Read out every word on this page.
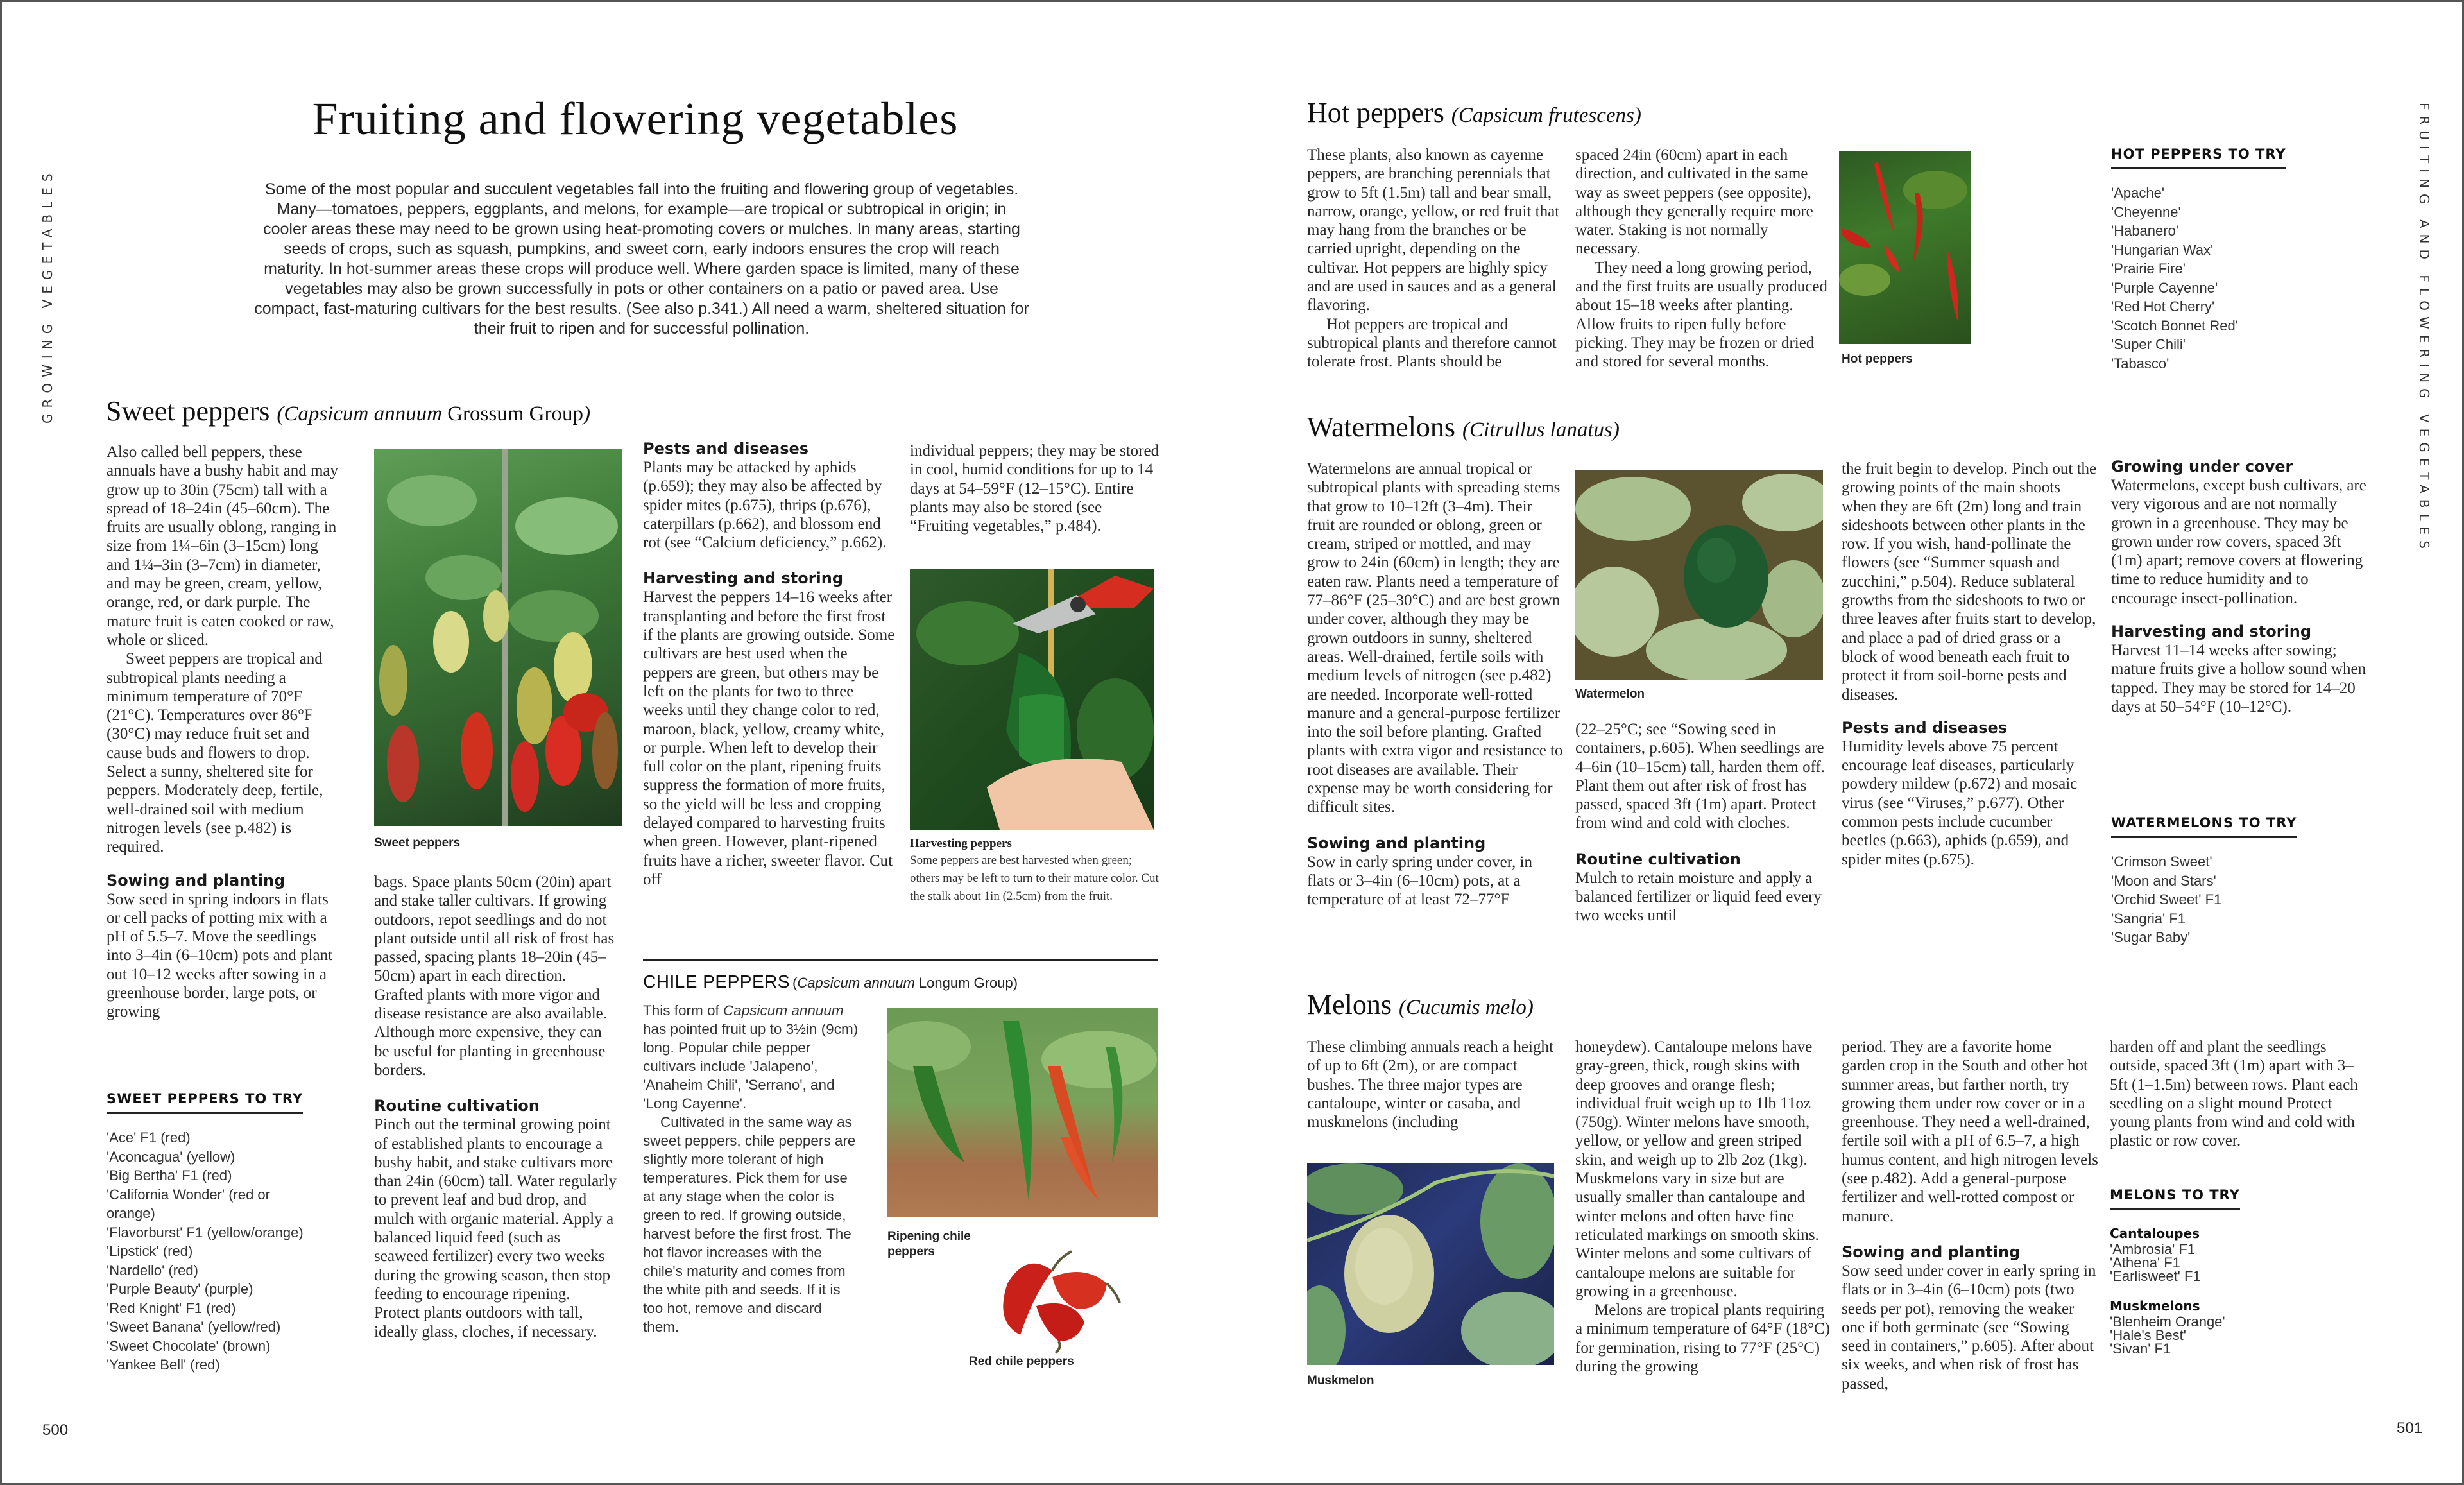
GROWING VEGETABLES
Fruiting and flowering vegetables

Some of the most popular and succulent vegetables fall into the fruiting and flowering group of vegetables. Many—tomatoes, peppers, eggplants, and melons, for example—are tropical or subtropical in origin; in cooler areas these may need to be grown using heat-promoting covers or mulches. In many areas, starting seeds of crops, such as squash, pumpkins, and sweet corn, early indoors ensures the crop will reach maturity. In hot-summer areas these crops will produce well. Where garden space is limited, many of these vegetables may also be grown successfully in pots or other containers on a patio or paved area. Use compact, fast-maturing cultivars for the best results. (See also p.341.) All need a warm, sheltered situation for their fruit to ripen and for successful pollination.

Sweet peppers (Capsicum annuum Grossum Group)

Also called bell peppers, these annuals have a bushy habit and may grow up to 30in (75cm) tall with a spread of 18–24in (45–60cm). The fruits are usually oblong, ranging in size from 1¼–6in (3–15cm) long and 1¼–3in (3–7cm) in diameter, and may be green, cream, yellow, orange, red, or dark purple. The mature fruit is eaten cooked or raw, whole or sliced.

Sweet peppers are tropical and subtropical plants needing a minimum temperature of 70°F (21°C). Temperatures over 86°F (30°C) may reduce fruit set and cause buds and flowers to drop. Select a sunny, sheltered site for peppers. Moderately deep, fertile, well-drained soil with medium nitrogen levels (see p.482) is required.

Sowing and planting

Sow seed in spring indoors in flats or cell packs of potting mix with a pH of 5.5–7. Move the seedlings into 3–4in (6–10cm) pots and plant out 10–12 weeks after sowing in a greenhouse border, large pots, or growing

SWEET PEPPERS TO TRY
'Ace' F1 (red)
'Aconcagua' (yellow)
'Big Bertha' F1 (red)
'California Wonder' (red or orange)
'Flavorburst' F1 (yellow/orange)
'Lipstick' (red)
'Nardello' (red)
'Purple Beauty' (purple)
'Red Knight' F1 (red)
'Sweet Banana' (yellow/red)
'Sweet Chocolate' (brown)
'Yankee Bell' (red)
Sweet peppers

bags. Space plants 50cm (20in) apart and stake taller cultivars. If growing outdoors, repot seedlings and do not plant outside until all risk of frost has passed, spacing plants 18–20in (45–50cm) apart in each direction. Grafted plants with more vigor and disease resistance are also available. Although more expensive, they can be useful for planting in greenhouse borders.

Routine cultivation

Pinch out the terminal growing point of established plants to encourage a bushy habit, and stake cultivars more than 24in (60cm) tall. Water regularly to prevent leaf and bud drop, and mulch with organic material. Apply a balanced liquid feed (such as seaweed fertilizer) every two weeks during the growing season, then stop feeding to encourage ripening. Protect plants outdoors with tall, ideally glass, cloches, if necessary.

Pests and diseases

Plants may be attacked by aphids (p.659); they may also be affected by spider mites (p.675), thrips (p.676), caterpillars (p.662), and blossom end rot (see “Calcium deficiency,” p.662).

Harvesting and storing

Harvest the peppers 14–16 weeks after transplanting and before the first frost if the plants are growing outside. Some cultivars are best used when the peppers are green, but others may be left on the plants for two to three weeks until they change color to red, maroon, black, yellow, creamy white, or purple. When left to develop their full color on the plant, ripening fruits suppress the formation of more fruits, so the yield will be less and cropping delayed compared to harvesting fruits when green. However, plant-ripened fruits have a richer, sweeter flavor. Cut off

individual peppers; they may be stored in cool, humid conditions for up to 14 days at 54–59°F (12–15°C). Entire plants may also be stored (see “Fruiting vegetables,” p.484).

Harvesting peppers
Some peppers are best harvested when green; others may be left to turn to their mature color. Cut the stalk about 1in (2.5cm) from the fruit.
CHILE PEPPERS (Capsicum annuum Longum Group)

This form of Capsicum annuum has pointed fruit up to 3½in (9cm) long. Popular chile pepper cultivars include 'Jalapeno', 'Anaheim Chili', 'Serrano', and 'Long Cayenne'.

Cultivated in the same way as sweet peppers, chile peppers are slightly more tolerant of high temperatures. Pick them for use at any stage when the color is green to red. If growing outside, harvest before the first frost. The hot flavor increases with the chile's maturity and comes from the white pith and seeds. If it is too hot, remove and discard them.

Ripening chile peppers
Red chile peppers
500
FRUITING AND FLOWERING VEGETABLES
Hot peppers (Capsicum frutescens)

These plants, also known as cayenne peppers, are branching perennials that grow to 5ft (1.5m) tall and bear small, narrow, orange, yellow, or red fruit that may hang from the branches or be carried upright, depending on the cultivar. Hot peppers are highly spicy and are used in sauces and as a general flavoring.

Hot peppers are tropical and subtropical plants and therefore cannot tolerate frost. Plants should be

spaced 24in (60cm) apart in each direction, and cultivated in the same way as sweet peppers (see opposite), although they generally require more water. Staking is not normally necessary.

They need a long growing period, and the first fruits are usually produced about 15–18 weeks after planting. Allow fruits to ripen fully before picking. They may be frozen or dried and stored for several months.	Hot peppers
HOT PEPPERS TO TRY
'Apache'
'Cheyenne'
'Habanero'
'Hungarian Wax'
'Prairie Fire'
'Purple Cayenne'
'Red Hot Cherry'
'Scotch Bonnet Red'
'Super Chili'
'Tabasco'
Watermelons (Citrullus lanatus)

Watermelons are annual tropical or subtropical plants with spreading stems that grow to 10–12ft (3–4m). Their fruit are rounded or oblong, green or cream, striped or mottled, and may grow to 24in (60cm) in length; they are eaten raw. Plants need a temperature of 77–86°F (25–30°C) and are best grown under cover, although they may be grown outdoors in sunny, sheltered areas. Well-drained, fertile soils with medium levels of nitrogen (see p.482) are needed. Incorporate well-rotted manure and a general-purpose fertilizer into the soil before planting. Grafted plants with extra vigor and resistance to root diseases are available. Their expense may be worth considering for difficult sites.

Sowing and planting

Sow in early spring under cover, in flats or 3–4in (6–10cm) pots, at a temperature of at least 72–77°F

Watermelon

(22–25°C; see “Sowing seed in containers, p.605). When seedlings are 4–6in (10–15cm) tall, harden them off. Plant them out after risk of frost has passed, spaced 3ft (1m) apart. Protect from wind and cold with cloches.

Routine cultivation

Mulch to retain moisture and apply a balanced fertilizer or liquid feed every two weeks until

the fruit begin to develop. Pinch out the growing points of the main shoots when they are 6ft (2m) long and train sideshoots between other plants in the row. If you wish, hand-pollinate the flowers (see “Summer squash and zucchini,” p.504). Reduce sublateral growths from the sideshoots to two or three leaves after fruits start to develop, and place a pad of dried grass or a block of wood beneath each fruit to protect it from soil-borne pests and diseases.

Pests and diseases

Humidity levels above 75 percent encourage leaf diseases, particularly powdery mildew (p.672) and mosaic virus (see “Viruses,” p.677). Other common pests include cucumber beetles (p.663), aphids (p.659), and spider mites (p.675).

Growing under cover

Watermelons, except bush cultivars, are very vigorous and are not normally grown in a greenhouse. They may be grown under row covers, spaced 3ft (1m) apart; remove covers at flowering time to reduce humidity and to encourage insect-pollination.

Harvesting and storing

Harvest 11–14 weeks after sowing; mature fruits give a hollow sound when tapped. They may be stored for 14–20 days at 50–54°F (10–12°C).

WATERMELONS TO TRY
'Crimson Sweet'
'Moon and Stars'
'Orchid Sweet' F1
'Sangria' F1
'Sugar Baby'
Melons (Cucumis melo)

These climbing annuals reach a height of up to 6ft (2m), or are compact bushes. The three major types are cantaloupe, winter or casaba, and muskmelons (including

Muskmelon

honeydew). Cantaloupe melons have gray-green, thick, rough skins with deep grooves and orange flesh; individual fruit weigh up to 1lb 11oz (750g). Winter melons have smooth, yellow, or yellow and green striped skin, and weigh up to 2lb 2oz (1kg). Muskmelons vary in size but are usually smaller than cantaloupe and winter melons and often have fine reticulated markings on smooth skins. Winter melons and some cultivars of cantaloupe melons are suitable for growing in a greenhouse.

Melons are tropical plants requiring a minimum temperature of 64°F (18°C) for germination, rising to 77°F (25°C) during the growing

period. They are a favorite home garden crop in the South and other hot summer areas, but farther north, try growing them under row cover or in a greenhouse. They need a well-drained, fertile soil with a pH of 6.5–7, a high humus content, and high nitrogen levels (see p.482). Add a general-purpose fertilizer and well-rotted compost or manure.

Sowing and planting

Sow seed under cover in early spring in flats or in 3–4in (6–10cm) pots (two seeds per pot), removing the weaker one if both germinate (see “Sowing seed in containers,” p.605). After about six weeks, and when risk of frost has passed,

harden off and plant the seedlings outside, spaced 3ft (1m) apart with 3–5ft (1–1.5m) between rows. Plant each seedling on a slight mound Protect young plants from wind and cold with plastic or row cover.

MELONS TO TRY
Cantaloupes
'Ambrosia' F1
'Athena' F1
'Earlisweet' F1
Muskmelons
'Blenheim Orange'
'Hale's Best'
'Sivan' F1
501
